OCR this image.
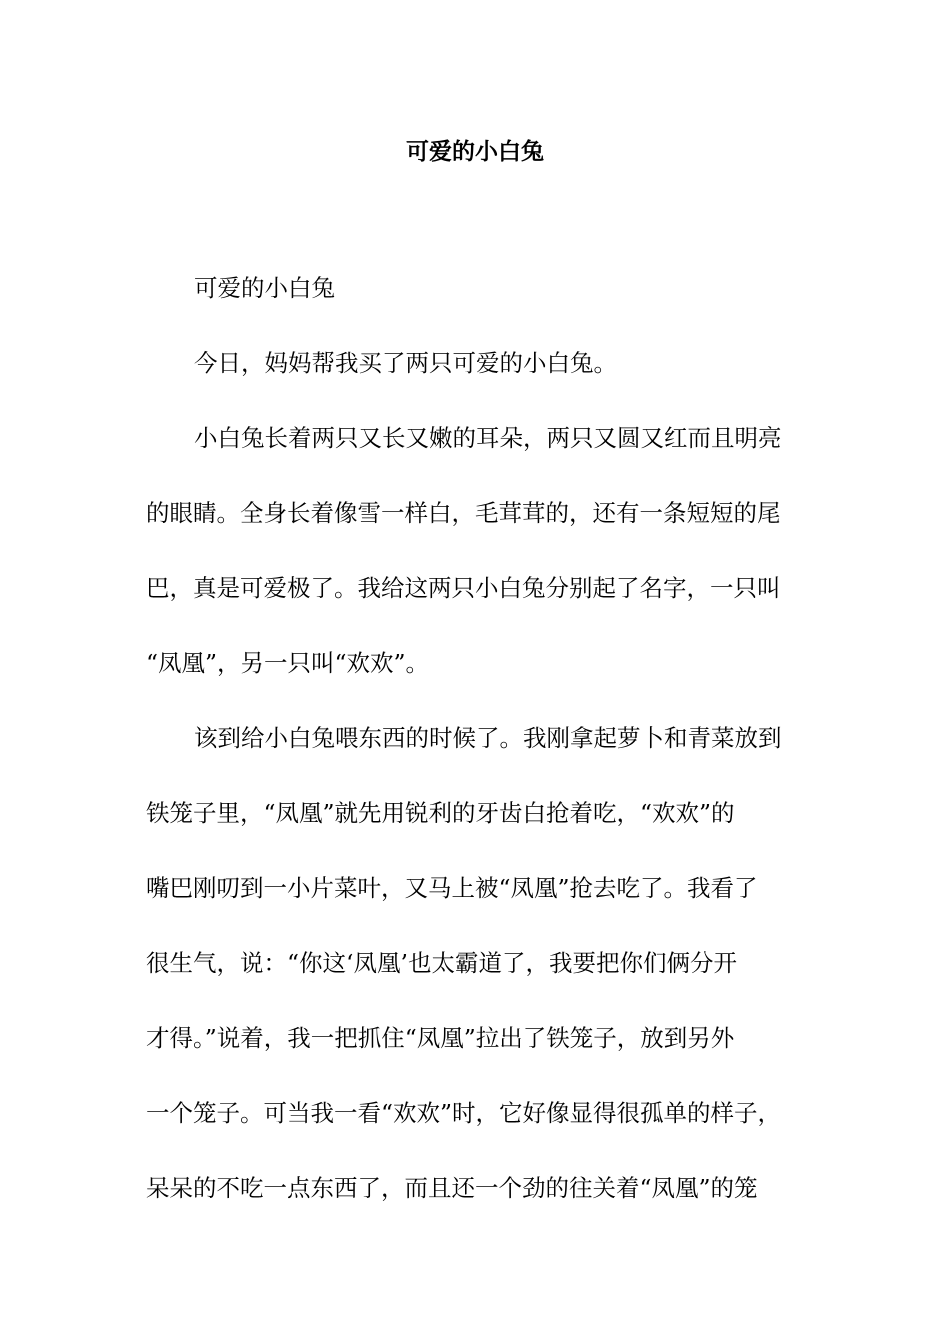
可爱的小白兔
可爱的小白兔
今日，妈妈帮我买了两只可爱的小白兔。
小白兔长着两只又长又嫩的耳朵，两只又圆又红而且明亮
的眼睛。全身长着像雪一样白，毛茸茸的，还有一条短短的尾
巴，真是可爱极了。我给这两只小白兔分别起了名字，一只叫
“凤凰”，另一只叫“欢欢”。
该到给小白兔喂东西的时候了。我刚拿起萝卜和青菜放到
铁笼子里，“凤凰”就先用锐利的牙齿白抢着吃，“欢欢”的
嘴巴刚叨到一小片菜叶，又马上被“凤凰”抢去吃了。我看了
很生气，说：“你这‘凤凰’也太霸道了，我要把你们俩分开
才得。”说着，我一把抓住“凤凰”拉出了铁笼子，放到另外
一个笼子。可当我一看“欢欢”时，它好像显得很孤单的样子，
呆呆的不吃一点东西了，而且还一个劲的往关着“凤凰”的笼
